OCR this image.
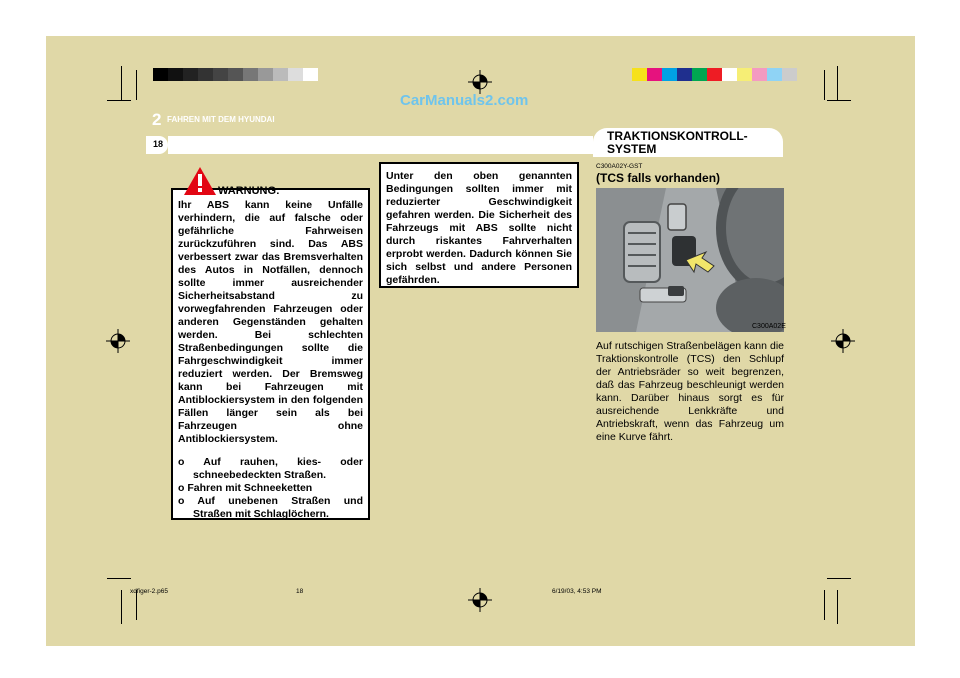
CarManuals2.com
2 FAHREN MIT DEM HYUNDAI
18
TRAKTIONSKONTROLL-SYSTEM

Ihr ABS kann keine Unfälle verhindern, die auf falsche oder gefährliche Fahrweisen zurückzuführen sind. Das ABS verbessert zwar das Bremsverhalten des Autos in Notfällen, dennoch sollte immer ausreichender Sicherheitsabstand zu vorwegfahrenden Fahrzeugen oder anderen Gegenständen gehalten werden. Bei schlechten Straßenbedingungen sollte die Fahrgeschwindigkeit immer reduziert werden. Der Bremsweg kann bei Fahrzeugen mit Antiblockiersystem in den folgenden Fällen länger sein als bei Fahrzeugen ohne Antiblockiersystem.

o Auf rauhen, kies- oder schneebedeckten Straßen.
o Fahren mit Schneeketten
o Auf unebenen Straßen und Straßen mit Schlaglöchern.
WARNUNG:

Unter den oben genannten Bedingungen sollten immer mit reduzierter Geschwindigkeit gefahren werden. Die Sicherheit des Fahrzeugs mit ABS sollte nicht durch riskantes Fahrverhalten erprobt werden. Dadurch können Sie sich selbst und andere Personen gefährden.

C300A02Y-GST
(TCS falls vorhanden)
C300A02E

Auf rutschigen Straßenbelägen kann die Traktionskontrolle (TCS) den Schlupf der Antriebsräder so weit begrenzen, daß das Fahrzeug beschleunigt werden kann. Darüber hinaus sorgt es für ausreichende Lenkkräfte und Antriebskraft, wenn das Fahrzeug um eine Kurve fährt.

xdfiger-2.p65	18	6/19/03, 4:53 PM
